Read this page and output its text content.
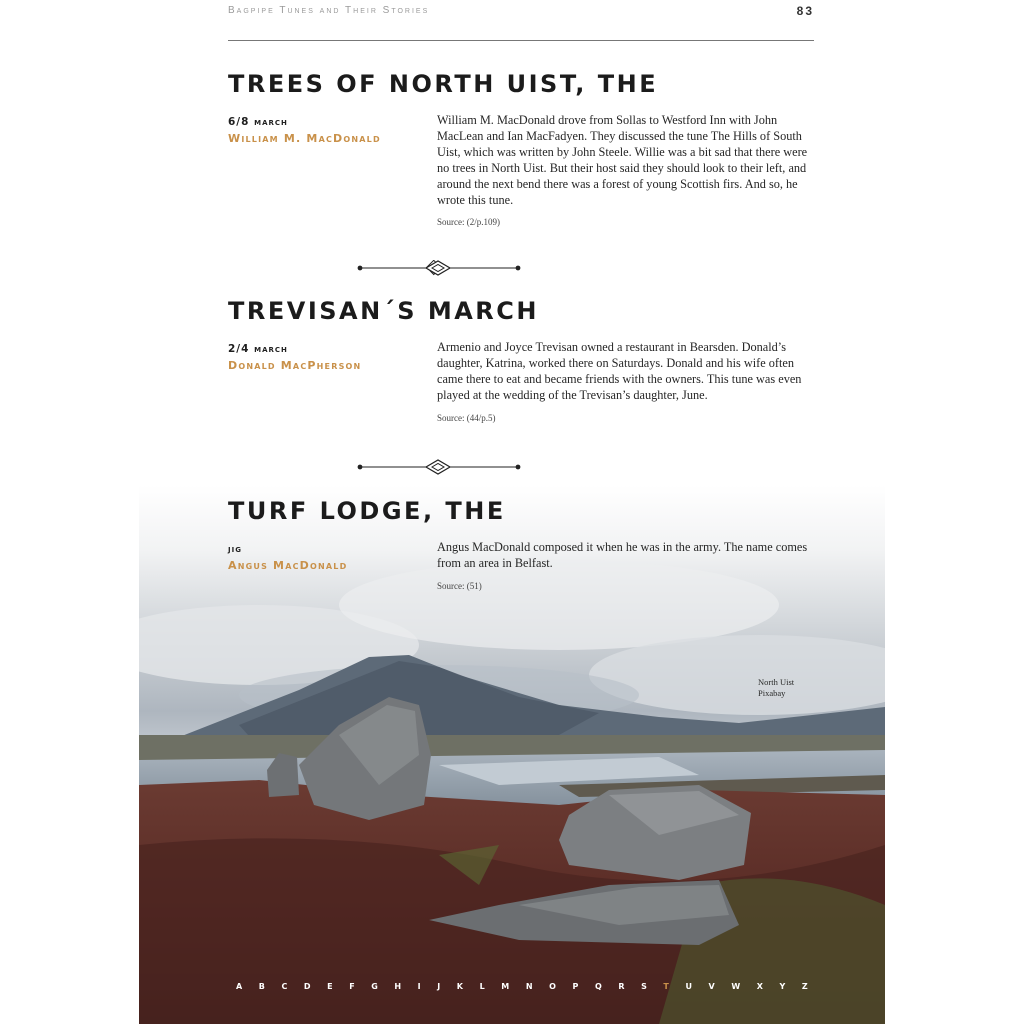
Bagpipe Tunes and Their Stories	83
TREES OF NORTH UIST, THE
6/8 march
William M. MacDonald

William M. MacDonald drove from Sollas to Westford Inn with John MacLean and Ian MacFadyen. They discussed the tune The Hills of South Uist, which was written by John Steele. Willie was a bit sad that there were no trees in North Uist. But their host said they should look to their left, and around the next bend there was a forest of young Scottish firs. And so, he wrote this tune.

Source: (2/p.109)
TREVISAN´S MARCH
2/4 march
Donald MacPherson

Armenio and Joyce Trevisan owned a restaurant in Bearsden. Donald’s daughter, Katrina, worked there on Saturdays. Donald and his wife often came there to eat and became friends with the owners. This tune was even played at the wedding of the Trevisan’s daughter, June.

Source: (44/p.5)
North Uist
Pixabay
TURF LODGE, THE
jig
Angus MacDonald

Angus MacDonald composed it when he was in the army. The name comes from an area in Belfast.

Source: (51)
A B C D E F G H I J K L M N O P Q R S T U V W X Y Z
